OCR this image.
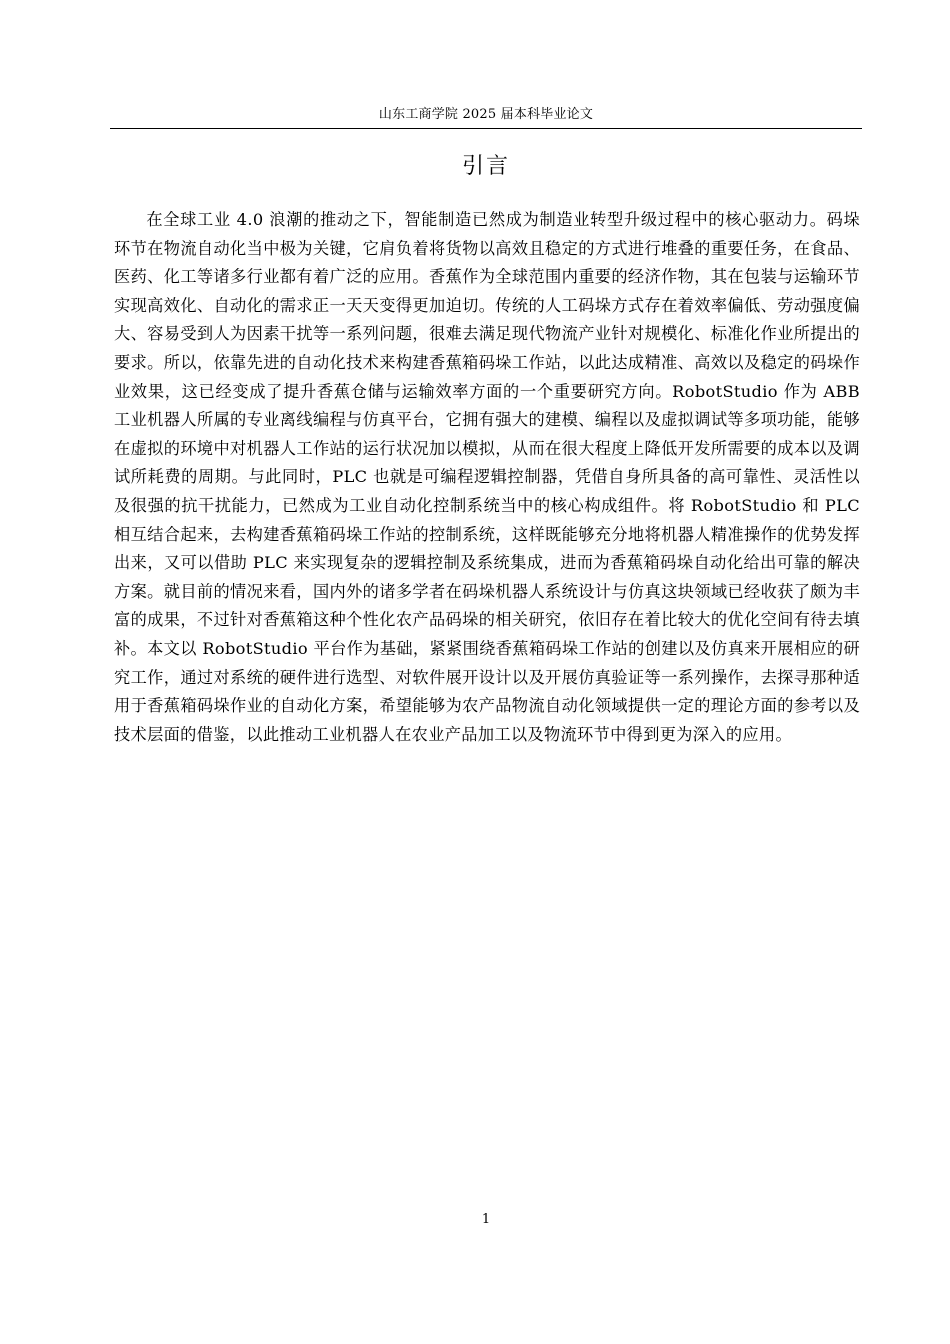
山东工商学院 2025 届本科毕业论文
引言

在全球工业 4.0 浪潮的推动之下，智能制造已然成为制造业转型升级过程中的核心驱动力。码垛环节在物流自动化当中极为关键，它肩负着将货物以高效且稳定的方式进行堆叠的重要任务，在食品、医药、化工等诸多行业都有着广泛的应用。香蕉作为全球范围内重要的经济作物，其在包装与运输环节实现高效化、自动化的需求正一天天变得更加迫切。传统的人工码垛方式存在着效率偏低、劳动强度偏大、容易受到人为因素干扰等一系列问题，很难去满足现代物流产业针对规模化、标准化作业所提出的要求。所以，依靠先进的自动化技术来构建香蕉箱码垛工作站，以此达成精准、高效以及稳定的码垛作业效果，这已经变成了提升香蕉仓储与运输效率方面的一个重要研究方向。RobotStudio 作为 ABB 工业机器人所属的专业离线编程与仿真平台，它拥有强大的建模、编程以及虚拟调试等多项功能，能够在虚拟的环境中对机器人工作站的运行状况加以模拟，从而在很大程度上降低开发所需要的成本以及调试所耗费的周期。与此同时，PLC 也就是可编程逻辑控制器，凭借自身所具备的高可靠性、灵活性以及很强的抗干扰能力，已然成为工业自动化控制系统当中的核心构成组件。将 RobotStudio 和 PLC 相互结合起来，去构建香蕉箱码垛工作站的控制系统，这样既能够充分地将机器人精准操作的优势发挥出来，又可以借助 PLC 来实现复杂的逻辑控制及系统集成，进而为香蕉箱码垛自动化给出可靠的解决方案。就目前的情况来看，国内外的诸多学者在码垛机器人系统设计与仿真这块领域已经收获了颇为丰富的成果，不过针对香蕉箱这种个性化农产品码垛的相关研究，依旧存在着比较大的优化空间有待去填补。本文以 RobotStudio 平台作为基础，紧紧围绕香蕉箱码垛工作站的创建以及仿真来开展相应的研究工作，通过对系统的硬件进行选型、对软件展开设计以及开展仿真验证等一系列操作，去探寻那种适用于香蕉箱码垛作业的自动化方案，希望能够为农产品物流自动化领域提供一定的理论方面的参考以及技术层面的借鉴，以此推动工业机器人在农业产品加工以及物流环节中得到更为深入的应用。

1
